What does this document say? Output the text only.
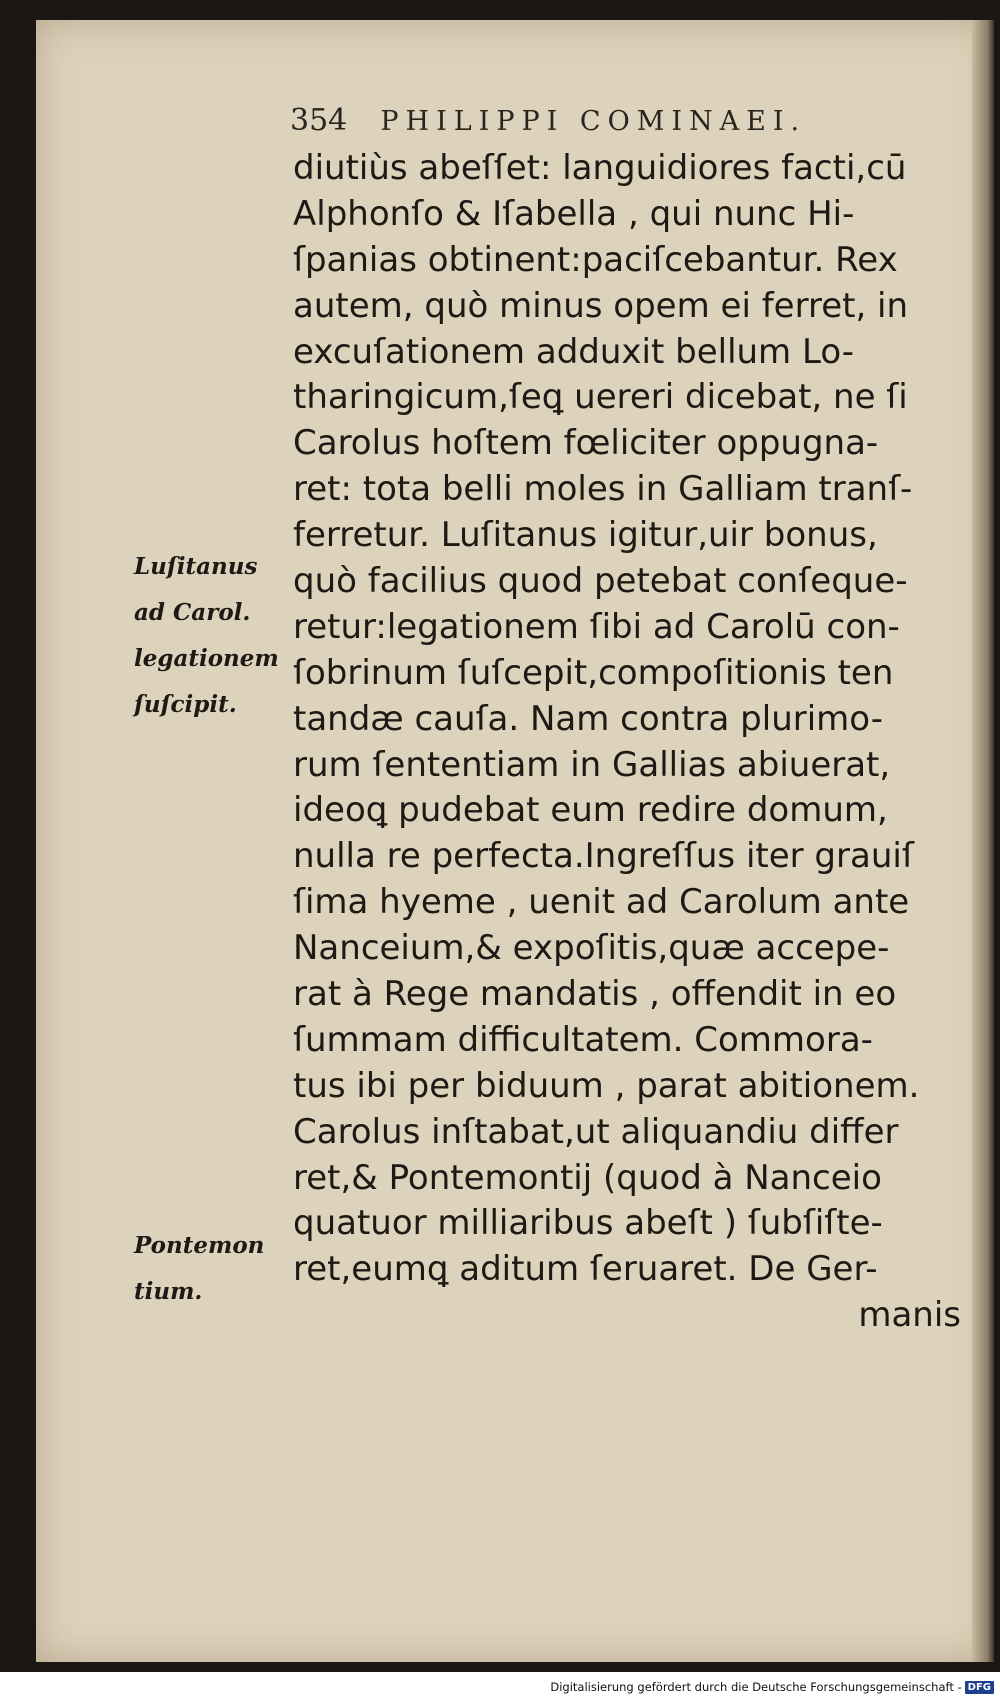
354 PHILIPPI COMINAEI.
Luſitanus
ad Carol.
legationem
ſuſcipit.
Pontemon
tium.
diutiùs abeſſet: languidiores facti,cū
Alphonſo & Iſabella , qui nunc Hi-
ſpanias obtinent:paciſcebantur. Rex
autem, quò minus opem ei ferret, in
excuſationem adduxit bellum Lo-
tharingicum,ſeꝗ uereri dicebat, ne ſi
Carolus hoſtem fœliciter oppugna-
ret: tota belli moles in Galliam tranſ-
ferretur. Luſitanus igitur,uir bonus,
quò facilius quod petebat conſeque-
retur:legationem ſibi ad Carolū con-
ſobrinum ſuſcepit,compoſitionis ten
tandæ cauſa. Nam contra plurimo-
rum ſententiam in Gallias abiuerat,
ideoꝗ pudebat eum redire domum,
nulla re perfecta.Ingreſſus iter grauiſ
ſima hyeme , uenit ad Carolum ante
Nanceium,& expoſitis,quæ accepe-
rat à Rege mandatis , offendit in eo
ſummam difficultatem. Commora-
tus ibi per biduum , parat abitionem.
Carolus inſtabat,ut aliquandiu differ
ret,& Pontemontij (quod à Nanceio
quatuor milliaribus abeſt ) ſubſiſte-
ret,eumꝗ aditum ſeruaret. De Ger-
manis
Digitalisierung gefördert durch die Deutsche Forschungsgemeinschaft - DFG
